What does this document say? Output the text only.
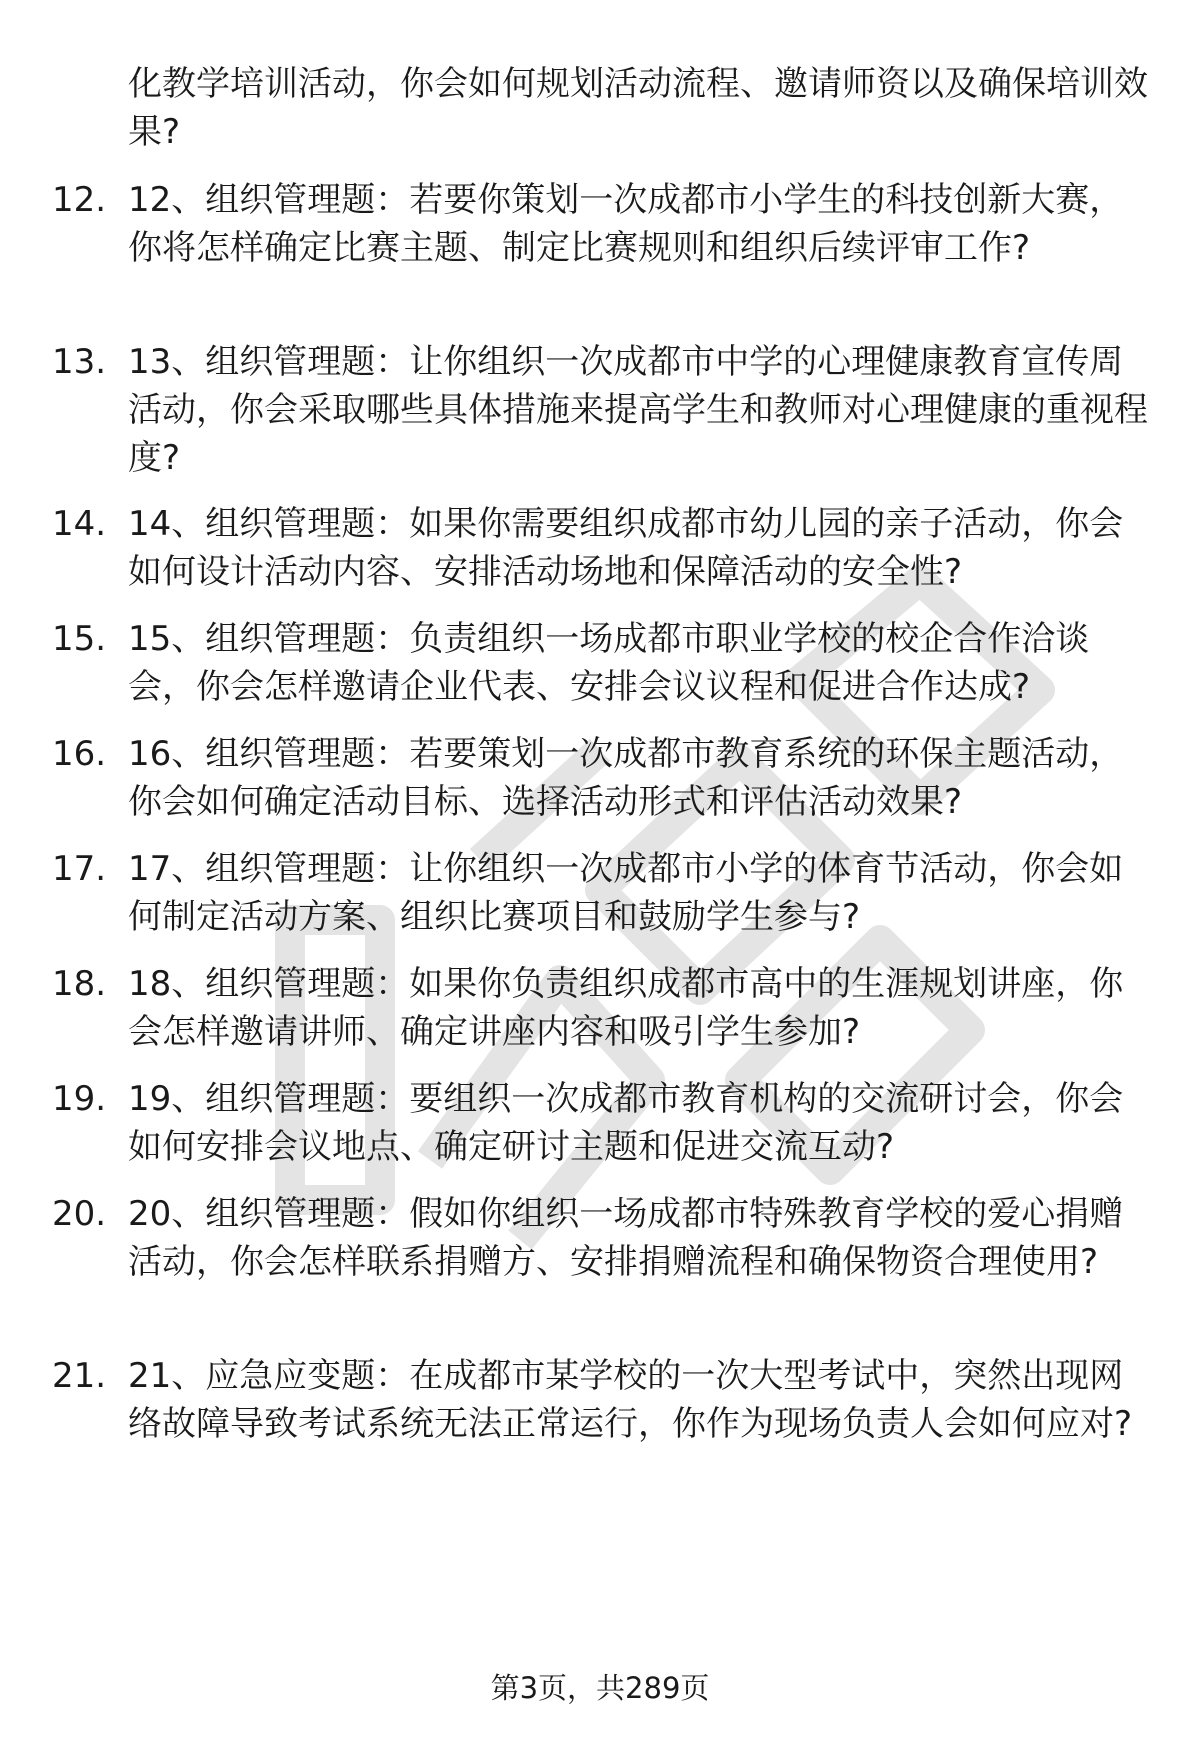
化教学培训活动，你会如何规划活动流程、邀请师资以及确保培训效果?
12. 12、组织管理题：若要你策划一次成都市小学生的科技创新大赛，你将怎样确定比赛主题、制定比赛规则和组织后续评审工作?
13. 13、组织管理题：让你组织一次成都市中学的心理健康教育宣传周活动，你会采取哪些具体措施来提高学生和教师对心理健康的重视程度?
14. 14、组织管理题：如果你需要组织成都市幼儿园的亲子活动，你会如何设计活动内容、安排活动场地和保障活动的安全性?
15. 15、组织管理题：负责组织一场成都市职业学校的校企合作洽谈会，你会怎样邀请企业代表、安排会议议程和促进合作达成?
16. 16、组织管理题：若要策划一次成都市教育系统的环保主题活动，你会如何确定活动目标、选择活动形式和评估活动效果?
17. 17、组织管理题：让你组织一次成都市小学的体育节活动，你会如何制定活动方案、组织比赛项目和鼓励学生参与?
18. 18、组织管理题：如果你负责组织成都市高中的生涯规划讲座，你会怎样邀请讲师、确定讲座内容和吸引学生参加?
19. 19、组织管理题：要组织一次成都市教育机构的交流研讨会，你会如何安排会议地点、确定研讨主题和促进交流互动?
20. 20、组织管理题：假如你组织一场成都市特殊教育学校的爱心捐赠活动，你会怎样联系捐赠方、安排捐赠流程和确保物资合理使用?
21. 21、应急应变题：在成都市某学校的一次大型考试中，突然出现网络故障导致考试系统无法正常运行，你作为现场负责人会如何应对?
第3页，共289页
